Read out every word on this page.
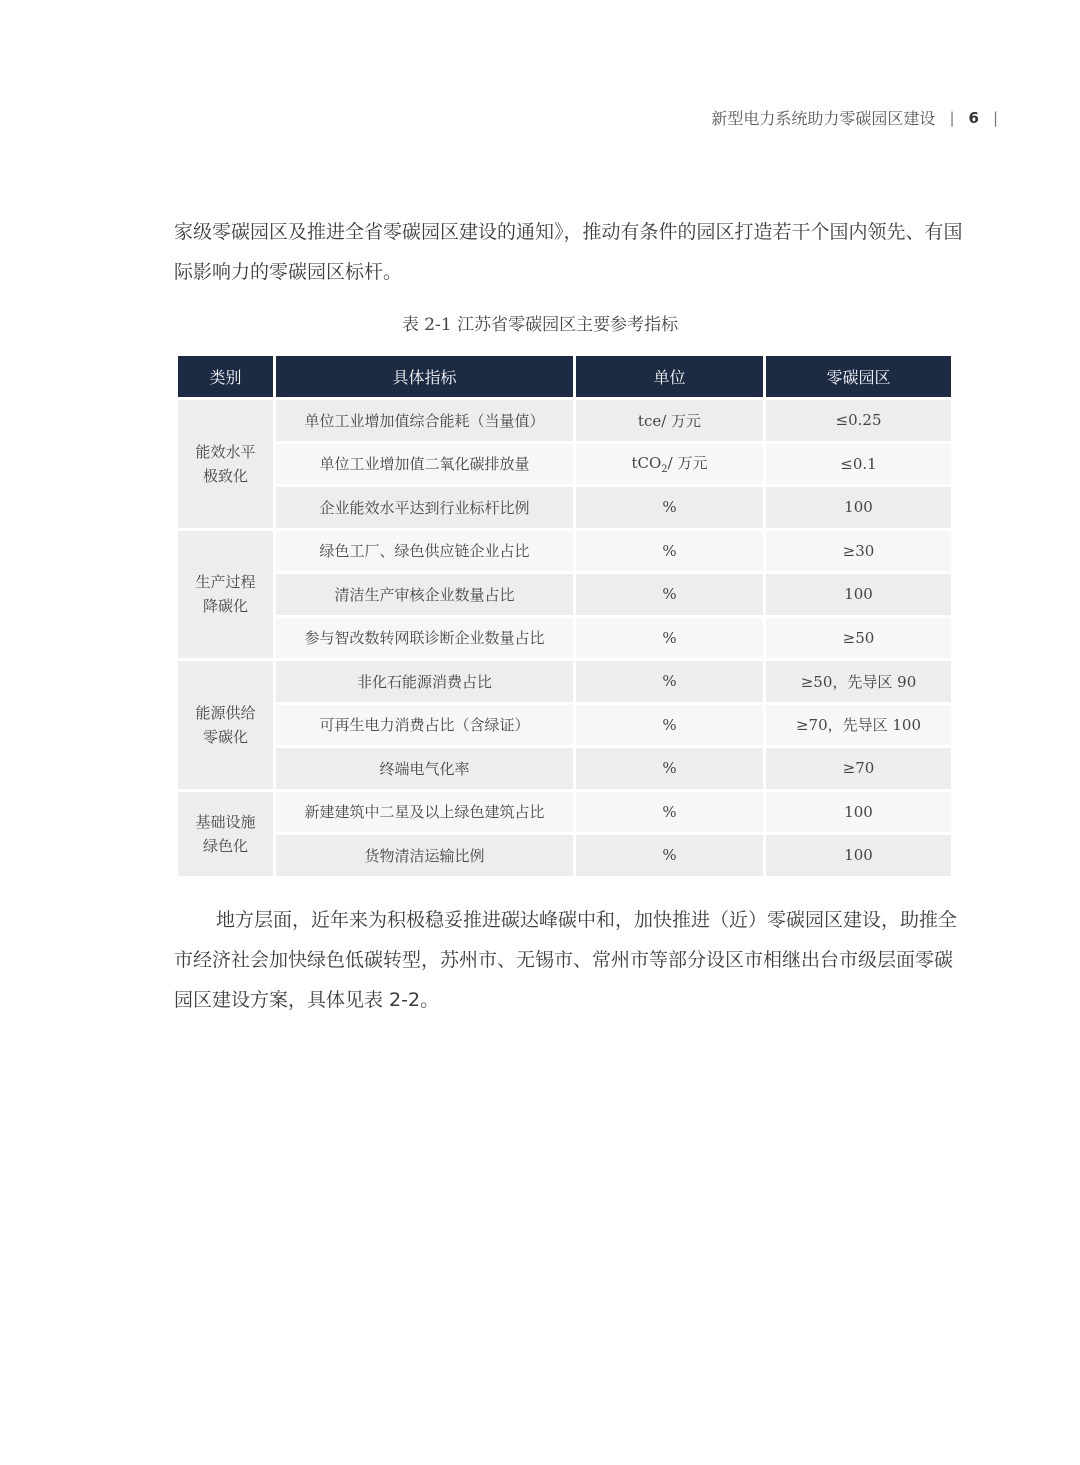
新型电力系统助力零碳园区建设 | 6 |

家级零碳园区及推进全省零碳园区建设的通知》，推动有条件的园区打造若干个国内领先、有国际影响力的零碳园区标杆。

表 2-1 江苏省零碳园区主要参考指标
类别	具体指标	单位	零碳园区

能效水平
极致化	单位工业增加值综合能耗（当量值）	tce/ 万元	≤0.25
	单位工业增加值二氧化碳排放量	tCO$_2$/ 万元	≤0.1
	企业能效水平达到行业标杆比例	%	100

生产过程
降碳化	绿色工厂、绿色供应链企业占比	%	≥30
	清洁生产审核企业数量占比	%	100
	参与智改数转网联诊断企业数量占比	%	≥50

能源供给
零碳化	非化石能源消费占比	%	≥50，先导区 90
	可再生电力消费占比（含绿证）	%	≥70，先导区 100
	终端电气化率	%	≥70

基础设施
绿色化	新建建筑中二星及以上绿色建筑占比	%	100
	货物清洁运输比例	%	100

地方层面，近年来为积极稳妥推进碳达峰碳中和，加快推进（近）零碳园区建设，助推全市经济社会加快绿色低碳转型，苏州市、无锡市、常州市等部分设区市相继出台市级层面零碳园区建设方案，具体见表 2-2。
